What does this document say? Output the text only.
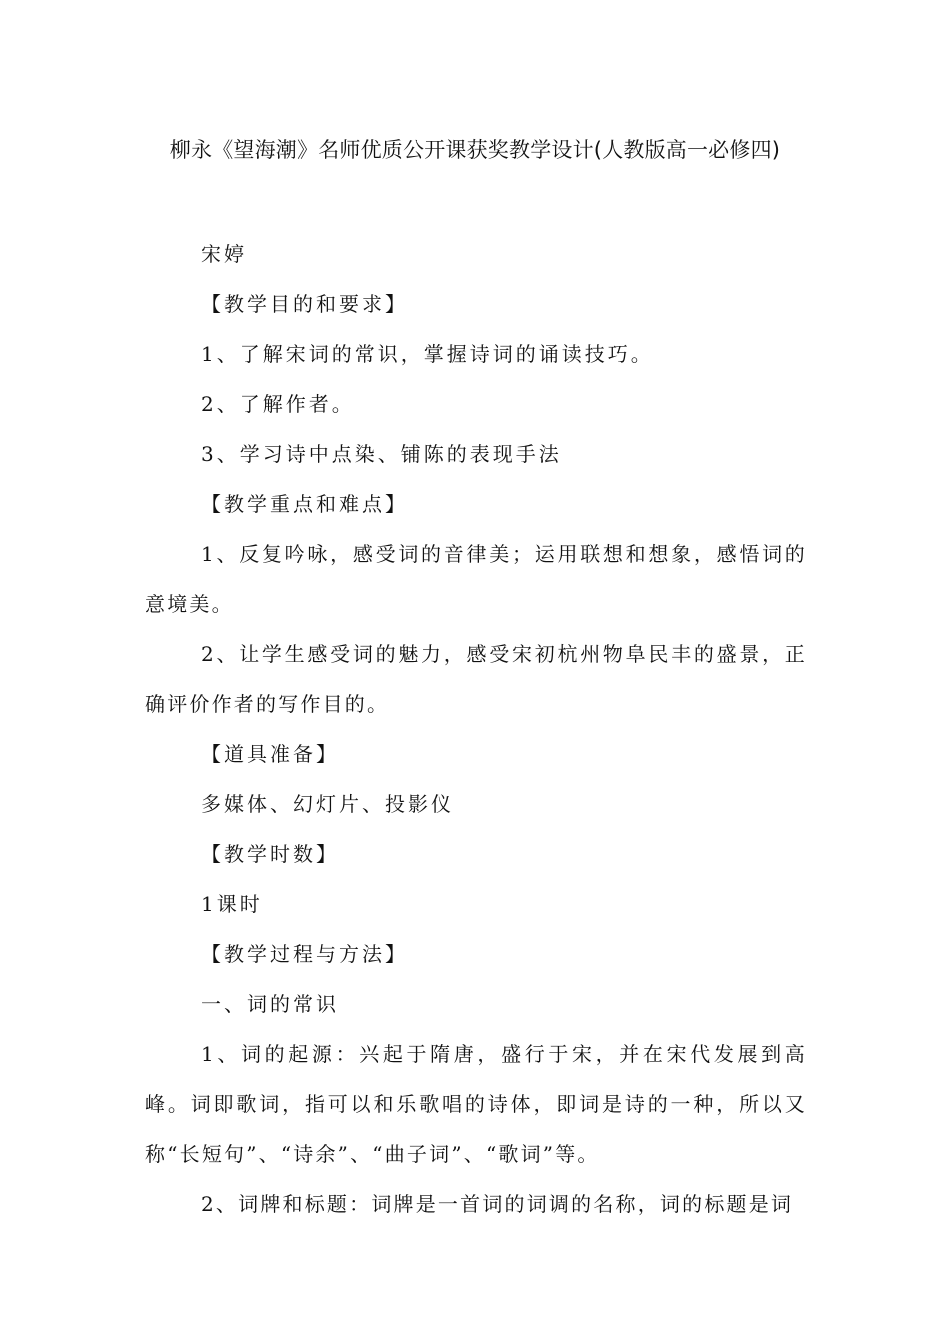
柳永《望海潮》名师优质公开课获奖教学设计(人教版高一必修四)

宋婷

【教学目的和要求】

1、了解宋词的常识，掌握诗词的诵读技巧。

2、了解作者。

3、学习诗中点染、铺陈的表现手法

【教学重点和难点】

1、反复吟咏，感受词的音律美；运用联想和想象，感悟词的意境美。

2、让学生感受词的魅力，感受宋初杭州物阜民丰的盛景，正确评价作者的写作目的。

【道具准备】

多媒体、幻灯片、投影仪

【教学时数】

1课时

【教学过程与方法】

一、词的常识

1、词的起源：兴起于隋唐，盛行于宋，并在宋代发展到高峰。词即歌词，指可以和乐歌唱的诗体，即词是诗的一种，所以又称“长短句”、“诗余”、“曲子词”、“歌词”等。

2、词牌和标题：词牌是一首词的词调的名称，词的标题是词
